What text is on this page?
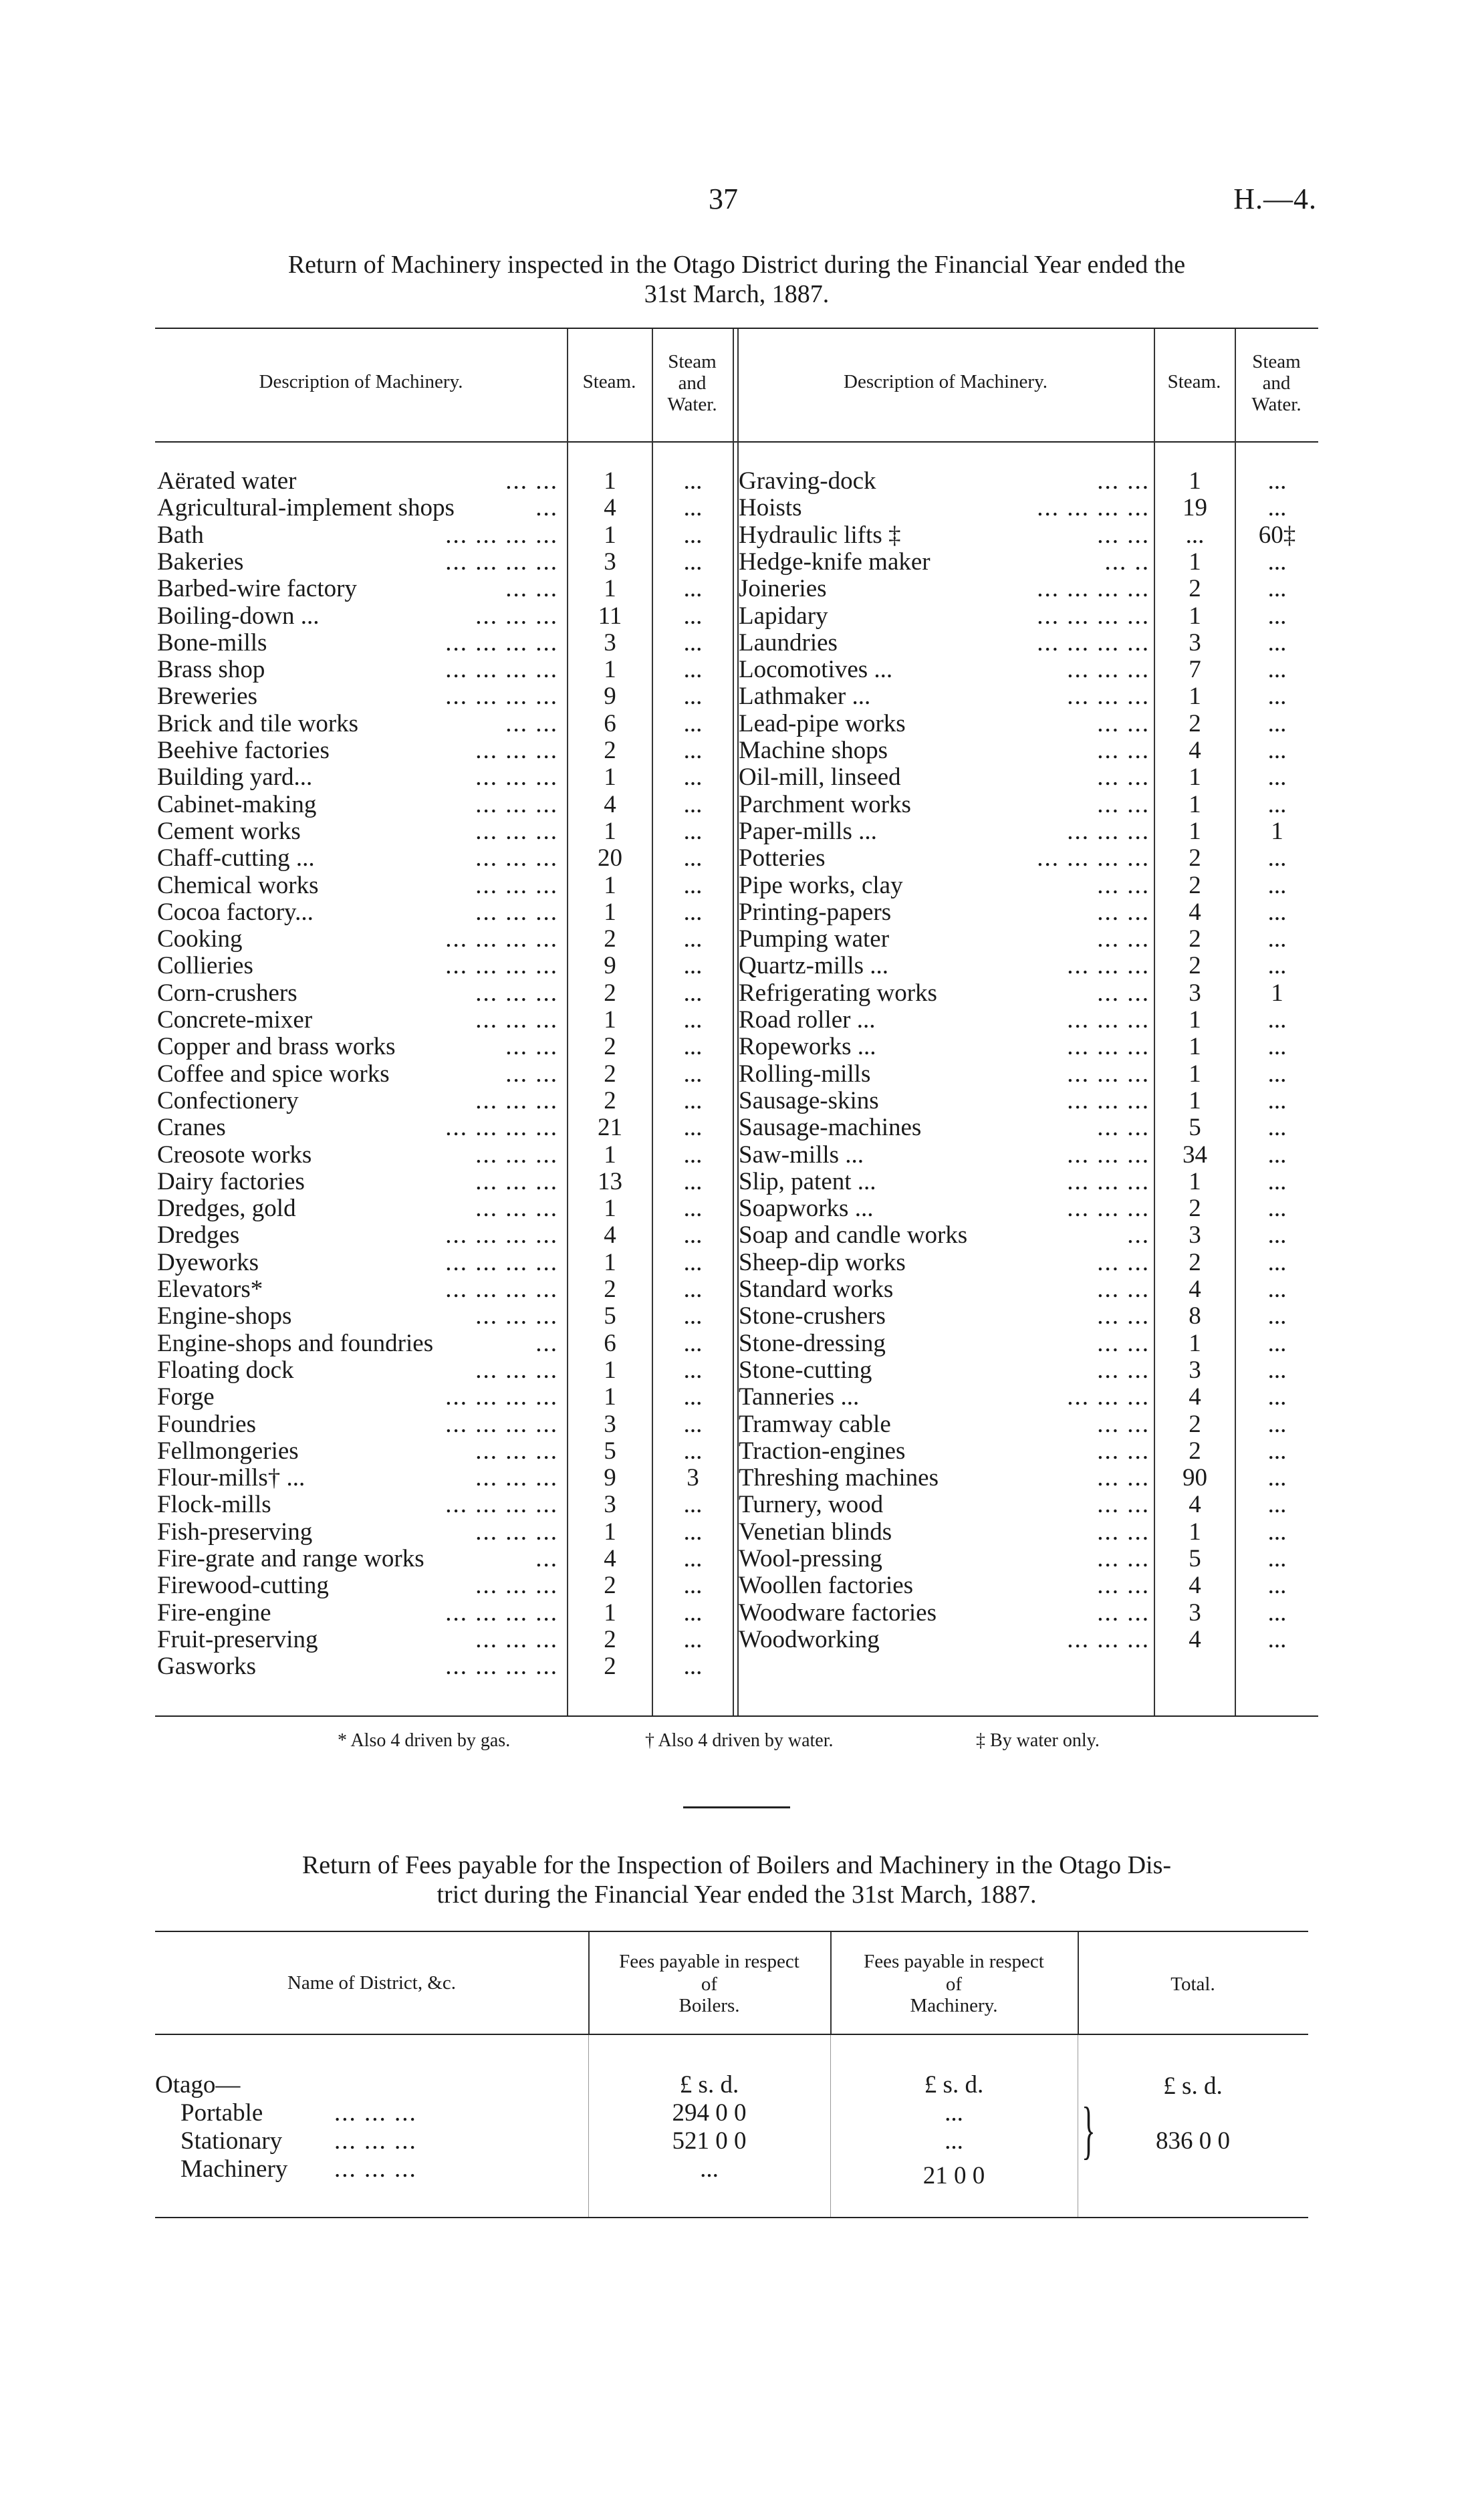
37	H.—4.
Return of Machinery inspected in the Otago District during the Financial Year ended the
31st March, 1887.
Description of Machinery.	Steam.
Steam
and
Water.
Description of Machinery.	Steam.
Steam
and
Water.
Aërated water	... ...	1	...
Agricultural-implement shops	...	4	...
Bath	... ... ... ...	1	...
Bakeries	... ... ... ...	3	...
Barbed-wire factory	... ...	1	...
Boiling-down ...	... ... ...	11	...
Bone-mills	... ... ... ...	3	...
Brass shop	... ... ... ...	1	...
Breweries	... ... ... ...	9	...
Brick and tile works	... ...	6	...
Beehive factories	... ... ...	2	...
Building yard...	... ... ...	1	...
Cabinet-making	... ... ...	4	...
Cement works	... ... ...	1	...
Chaff-cutting ...	... ... ...	20	...
Chemical works	... ... ...	1	...
Cocoa factory...	... ... ...	1	...
Cooking	... ... ... ...	2	...
Collieries	... ... ... ...	9	...
Corn-crushers	... ... ...	2	...
Concrete-mixer	... ... ...	1	...
Copper and brass works	... ...	2	...
Coffee and spice works	... ...	2	...
Confectionery	... ... ...	2	...
Cranes	... ... ... ...	21	...
Creosote works	... ... ...	1	...
Dairy factories	... ... ...	13	...
Dredges, gold	... ... ...	1	...
Dredges	... ... ... ...	4	...
Dyeworks	... ... ... ...	1	...
Elevators*	... ... ... ...	2	...
Engine-shops	... ... ...	5	...
Engine-shops and foundries	...	6	...
Floating dock	... ... ...	1	...
Forge	... ... ... ...	1	...
Foundries	... ... ... ...	3	...
Fellmongeries	... ... ...	5	...
Flour-mills† ...	... ... ...	9	3
Flock-mills	... ... ... ...	3	...
Fish-preserving	... ... ...	1	...
Fire-grate and range works	...	4	...
Firewood-cutting	... ... ...	2	...
Fire-engine	... ... ... ...	1	...
Fruit-preserving	... ... ...	2	...
Gasworks	... ... ... ...	2	...
Graving-dock	... ...	1	...
Hoists	... ... ... ...	19	...
Hydraulic lifts ‡	... ...	...	60‡
Hedge-knife maker	... ..	1	...
Joineries	... ... ... ...	2	...
Lapidary	... ... ... ...	1	...
Laundries	... ... ... ...	3	...
Locomotives ...	... ... ...	7	...
Lathmaker ...	... ... ...	1	...
Lead-pipe works	... ...	2	...
Machine shops	... ...	4	...
Oil-mill, linseed	... ...	1	...
Parchment works	... ...	1	...
Paper-mills ...	... ... ...	1	1
Potteries	... ... ... ...	2	...
Pipe works, clay	... ...	2	...
Printing-papers	... ...	4	...
Pumping water	... ...	2	...
Quartz-mills ...	... ... ...	2	...
Refrigerating works	... ...	3	1
Road roller ...	... ... ...	1	...
Ropeworks ...	... ... ...	1	...
Rolling-mills	... ... ...	1	...
Sausage-skins	... ... ...	1	...
Sausage-machines	... ...	5	...
Saw-mills ...	... ... ...	34	...
Slip, patent ...	... ... ...	1	...
Soapworks ...	... ... ...	2	...
Soap and candle works	...	3	...
Sheep-dip works	... ...	2	...
Standard works	... ...	4	...
Stone-crushers	... ...	8	...
Stone-dressing	... ...	1	...
Stone-cutting	... ...	3	...
Tanneries ...	... ... ...	4	...
Tramway cable	... ...	2	...
Traction-engines	... ...	2	...
Threshing machines	... ...	90	...
Turnery, wood	... ...	4	...
Venetian blinds	... ...	1	...
Wool-pressing	... ...	5	...
Woollen factories	... ...	4	...
Woodware factories	... ...	3	...
Woodworking	... ... ...	4	...
* Also 4 driven by gas.	† Also 4 driven by water.	‡ By water only.
Return of Fees payable for the Inspection of Boilers and Machinery in the Otago Dis-
trict during the Financial Year ended the 31st March, 1887.
Name of District, &c.
Fees payable in respect
of
Boilers.
Fees payable in respect
of
Machinery.
Total.
Otago—	£ s. d.	£ s. d.	£ s. d.
Portable	... ... ...	294 0 0	...
Stationary ... ... ...	521 0 0	...
Machinery ... ... ...	...	21 0 0
}	836 0 0
